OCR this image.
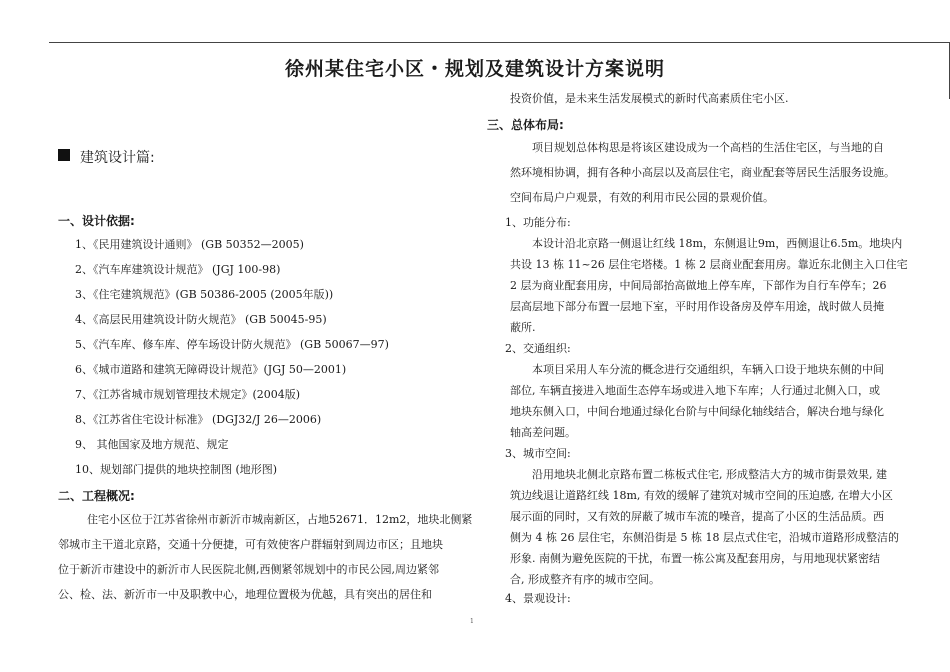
徐州某住宅小区・规划及建筑设计方案说明
建筑设计篇:
一、设计依据:
1、《民用建筑设计通则》 (GB 50352—2005)
2、《汽车库建筑设计规范》 (JGJ 100-98)
3、《住宅建筑规范》(GB 50386-2005 (2005年版))
4、《高层民用建筑设计防火规范》 (GB 50045-95)
5、《汽车库、修车库、停车场设计防火规范》 (GB 50067—97)
6、《城市道路和建筑无障碍设计规范》(JGJ 50—2001)
7、《江苏省城市规划管理技术规定》(2004版)
8、《江苏省住宅设计标准》 (DGJ32/J 26—2006)
9、 其他国家及地方规范、规定
10、规划部门提供的地块控制图 (地形图)
二、工程概况:
住宅小区位于江苏省徐州市新沂市城南新区，占地52671．12m2，地块北侧紧
邻城市主干道北京路，交通十分便捷，可有效使客户群辐射到周边市区；且地块
位于新沂市建设中的新沂市人民医院北侧,西侧紧邻规划中的市民公园,周边紧邻
公、检、法、新沂市一中及职教中心，地理位置极为优越，具有突出的居住和
投资价值，是未来生活发展模式的新时代高素质住宅小区.
三、总体布局:
项目规划总体构思是将该区建设成为一个高档的生活住宅区，与当地的自
然环境相协调，拥有各种小高层以及高层住宅，商业配套等居民生活服务设施。
空间布局户户观景，有效的利用市民公园的景观价值。
1、功能分布:
本设计沿北京路一侧退让红线 18m，东侧退让9m，西侧退让6.5m。地块内
共设 13 栋 11~26 层住宅塔楼。1 栋 2 层商业配套用房。靠近东北侧主入口住宅
2 层为商业配套用房，中间局部抬高做地上停车库，下部作为自行车停车；26
层高层地下部分布置一层地下室，平时用作设备房及停车用途，战时做人员掩
蔽所.
2、交通组织:
本项目采用人车分流的概念进行交通组织，车辆入口设于地块东侧的中间
部位, 车辆直接进入地面生态停车场或进入地下车库；人行通过北侧入口，或
地块东侧入口，中间台地通过绿化台阶与中间绿化轴线结合，解决台地与绿化
轴高差问题。
3、城市空间:
沿用地块北侧北京路布置二栋板式住宅, 形成整洁大方的城市街景效果, 建
筑边线退让道路红线 18m, 有效的缓解了建筑对城市空间的压迫感, 在增大小区
展示面的同时，又有效的屏蔽了城市车流的噪音，提高了小区的生活品质。西
侧为 4 栋 26 层住宅，东侧沿街是 5 栋 18 层点式住宅，沿城市道路形成整洁的
形象. 南侧为避免医院的干扰，布置一栋公寓及配套用房，与用地现状紧密结
合, 形成整齐有序的城市空间。
4、景观设计:
1
